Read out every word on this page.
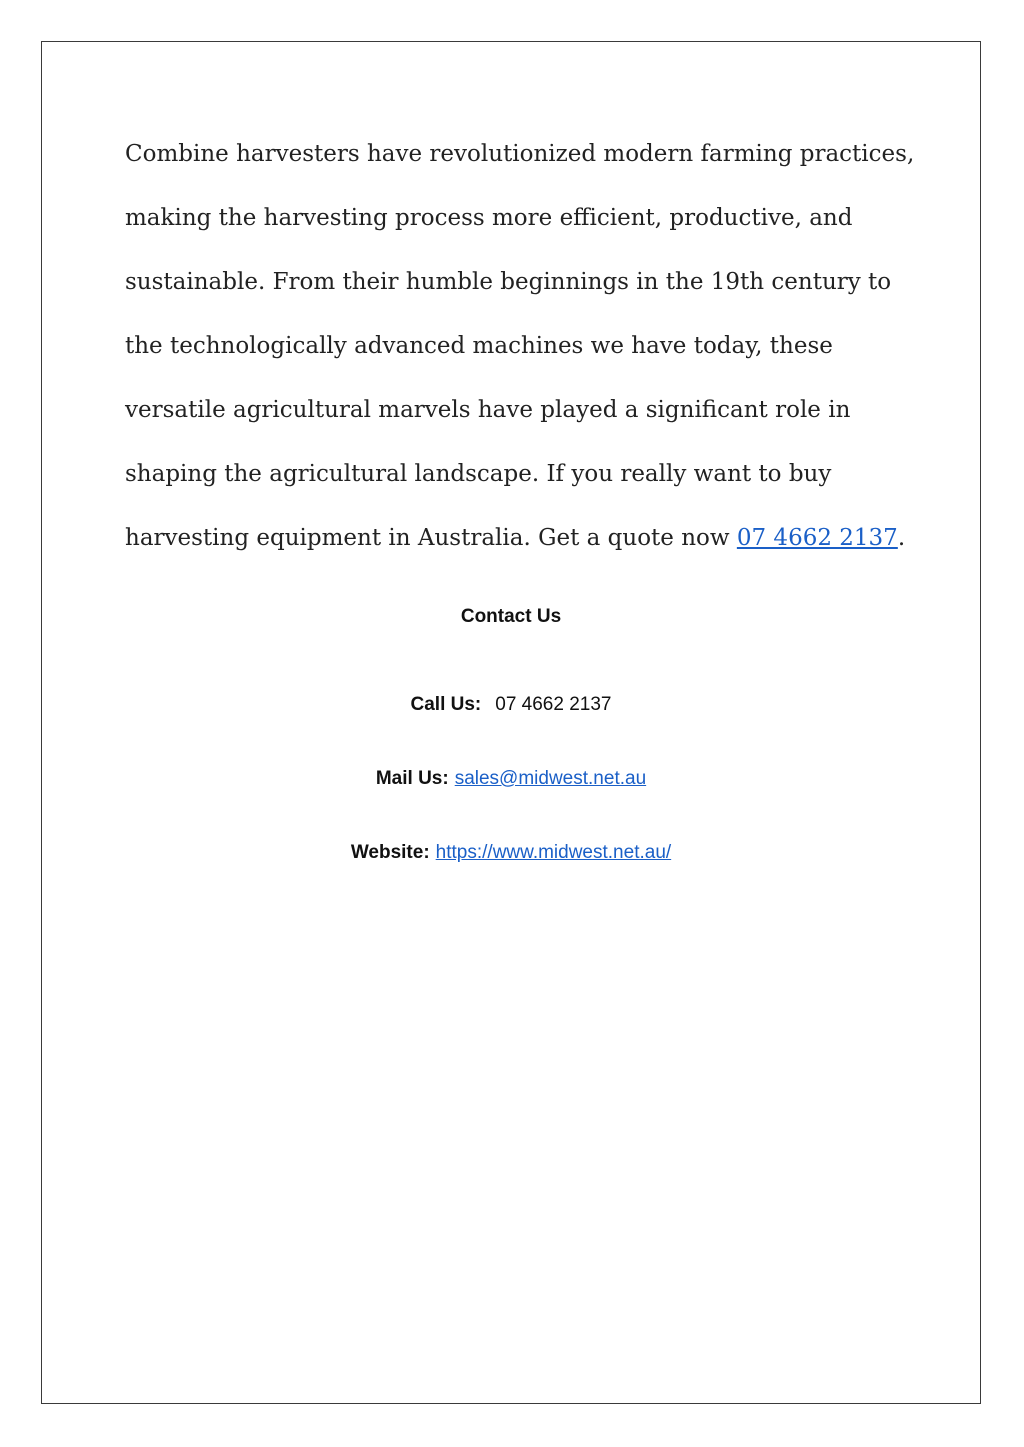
Combine harvesters have revolutionized modern farming practices,
making the harvesting process more efficient, productive, and
sustainable. From their humble beginnings in the 19th century to
the technologically advanced machines we have today, these
versatile agricultural marvels have played a significant role in
shaping the agricultural landscape. If you really want to buy
harvesting equipment in Australia. Get a quote now 07 4662 2137.

Contact Us
Call Us: 07 4662 2137
Mail Us: sales@midwest.net.au
Website: https://www.midwest.net.au/
